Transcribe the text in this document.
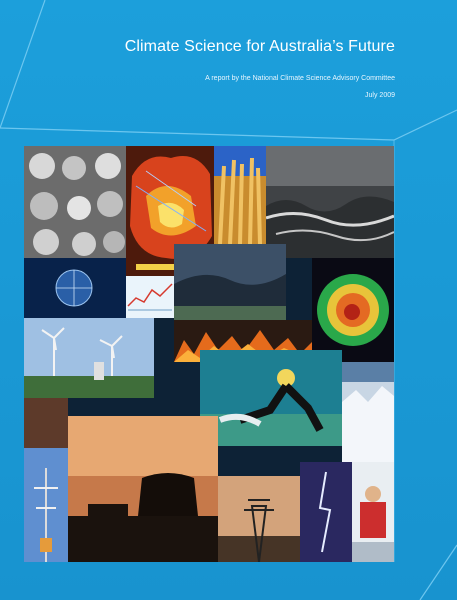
Climate Science for Australia’s Future
A report by the National Climate Science Advisory Committee
July 2009
